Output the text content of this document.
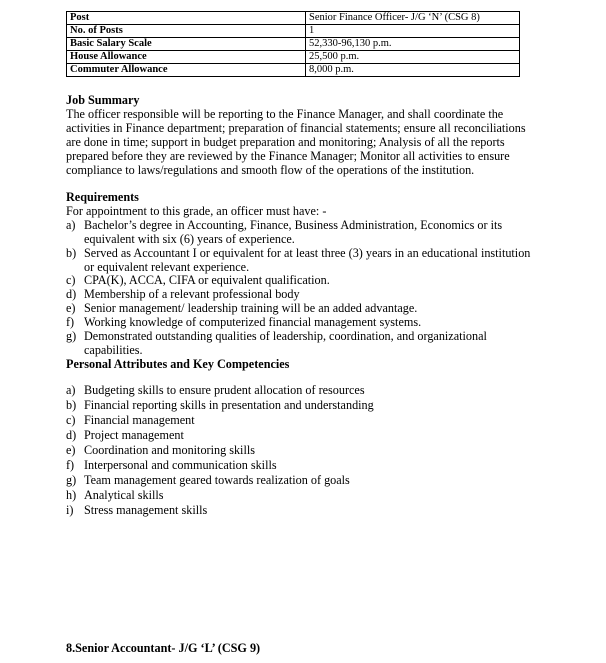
Post	Senior Finance Officer- J/G ‘N’ (CSG 8)
No. of Posts	1
Basic Salary Scale	52,330-96,130 p.m.
House Allowance	25,500 p.m.
Commuter Allowance	8,000 p.m.
Job Summary
The officer responsible will be reporting to the Finance Manager, and shall coordinate the activities in Finance department; preparation of financial statements; ensure all reconciliations are done in time; support in budget preparation and monitoring; Analysis of all the reports prepared before they are reviewed by the Finance Manager; Monitor all activities to ensure compliance to laws/regulations and smooth flow of the operations of the institution.
Requirements
For appointment to this grade, an officer must have: -
a) Bachelor’s degree in Accounting, Finance, Business Administration, Economics or its equivalent with six (6) years of experience.
b) Served as Accountant I or equivalent for at least three (3) years in an educational institution or equivalent relevant experience.
c) CPA(K), ACCA, CIFA or equivalent qualification.
d) Membership of a relevant professional body
e) Senior management/ leadership training will be an added advantage.
f) Working knowledge of computerized financial management systems.
g) Demonstrated outstanding qualities of leadership, coordination, and organizational capabilities.
Personal Attributes and Key Competencies
a) Budgeting skills to ensure prudent allocation of resources
b) Financial reporting skills in presentation and understanding
c) Financial management
d) Project management
e) Coordination and monitoring skills
f) Interpersonal and communication skills
g) Team management geared towards realization of goals
h) Analytical skills
i) Stress management skills
8.Senior Accountant- J/G ‘L’ (CSG 9)
